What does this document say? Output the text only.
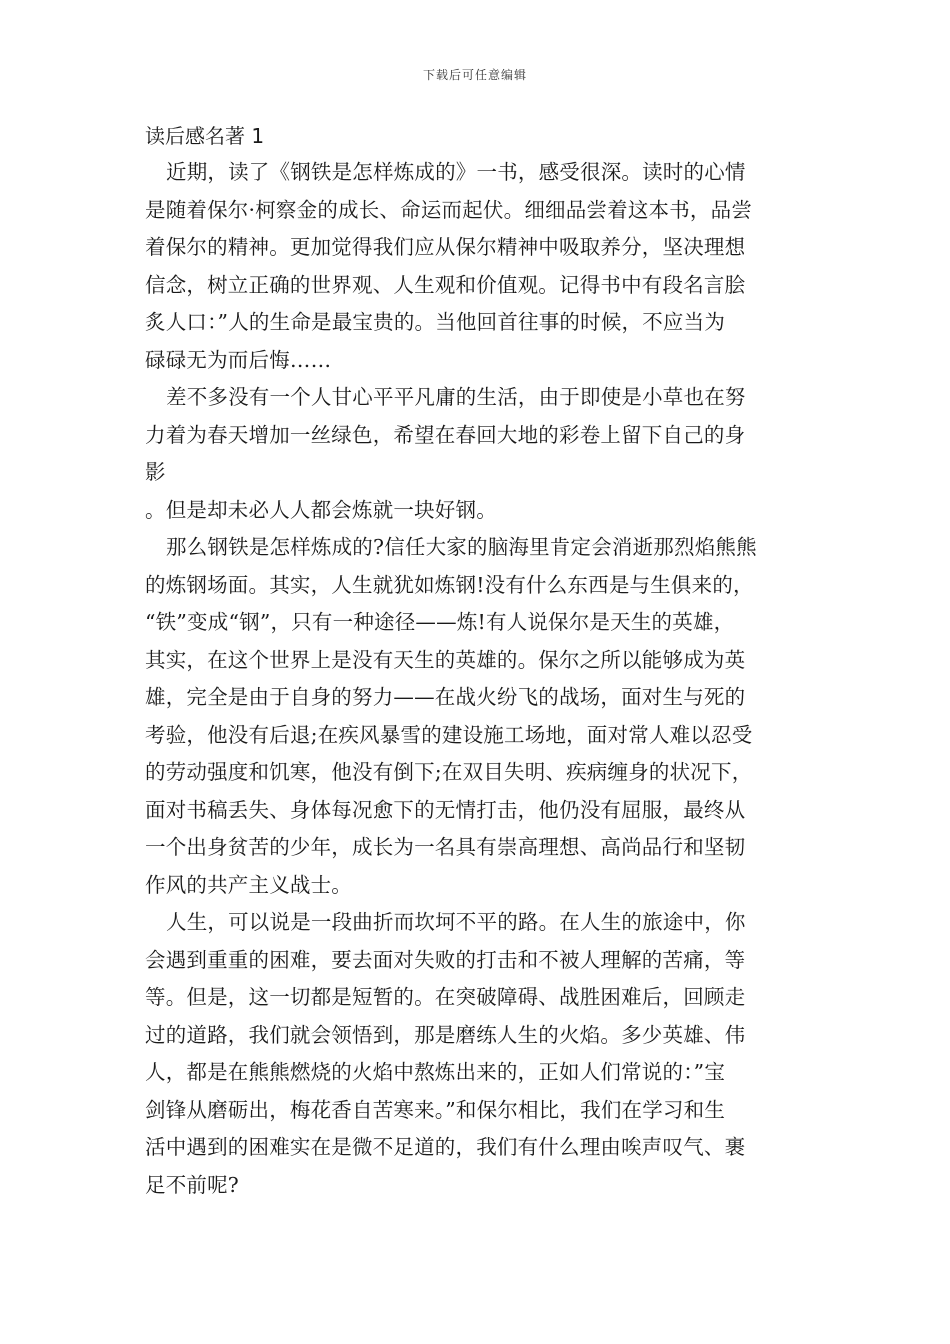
下载后可任意编辑
读后感名著 1
近期，读了《钢铁是怎样炼成的》一书，感受很深。读时的心情
是随着保尔·柯察金的成长、命运而起伏。细细品尝着这本书，品尝
着保尔的精神。更加觉得我们应从保尔精神中吸取养分，坚决理想
信念，树立正确的世界观、人生观和价值观。记得书中有段名言脍
炙人口：”人的生命是最宝贵的。当他回首往事的时候，不应当为
碌碌无为而后悔……
差不多没有一个人甘心平平凡庸的生活，由于即使是小草也在努
力着为春天增加一丝绿色，希望在春回大地的彩卷上留下自己的身
影
。但是却未必人人都会炼就一块好钢。
那么钢铁是怎样炼成的?信任大家的脑海里肯定会消逝那烈焰熊熊
的炼钢场面。其实，人生就犹如炼钢!没有什么东西是与生俱来的，
“铁”变成“钢”，只有一种途径——炼!有人说保尔是天生的英雄，
其实，在这个世界上是没有天生的英雄的。保尔之所以能够成为英
雄，完全是由于自身的努力——在战火纷飞的战场，面对生与死的
考验，他没有后退;在疾风暴雪的建设施工场地，面对常人难以忍受
的劳动强度和饥寒，他没有倒下;在双目失明、疾病缠身的状况下，
面对书稿丢失、身体每况愈下的无情打击，他仍没有屈服，最终从
一个出身贫苦的少年，成长为一名具有崇高理想、高尚品行和坚韧
作风的共产主义战士。
人生，可以说是一段曲折而坎坷不平的路。在人生的旅途中，你
会遇到重重的困难，要去面对失败的打击和不被人理解的苦痛，等
等。但是，这一切都是短暂的。在突破障碍、战胜困难后，回顾走
过的道路，我们就会领悟到，那是磨练人生的火焰。多少英雄、伟
人，都是在熊熊燃烧的火焰中熬炼出来的，正如人们常说的：”宝
剑锋从磨砺出，梅花香自苦寒来。”和保尔相比，我们在学习和生
活中遇到的困难实在是微不足道的，我们有什么理由唉声叹气、裹
足不前呢?
